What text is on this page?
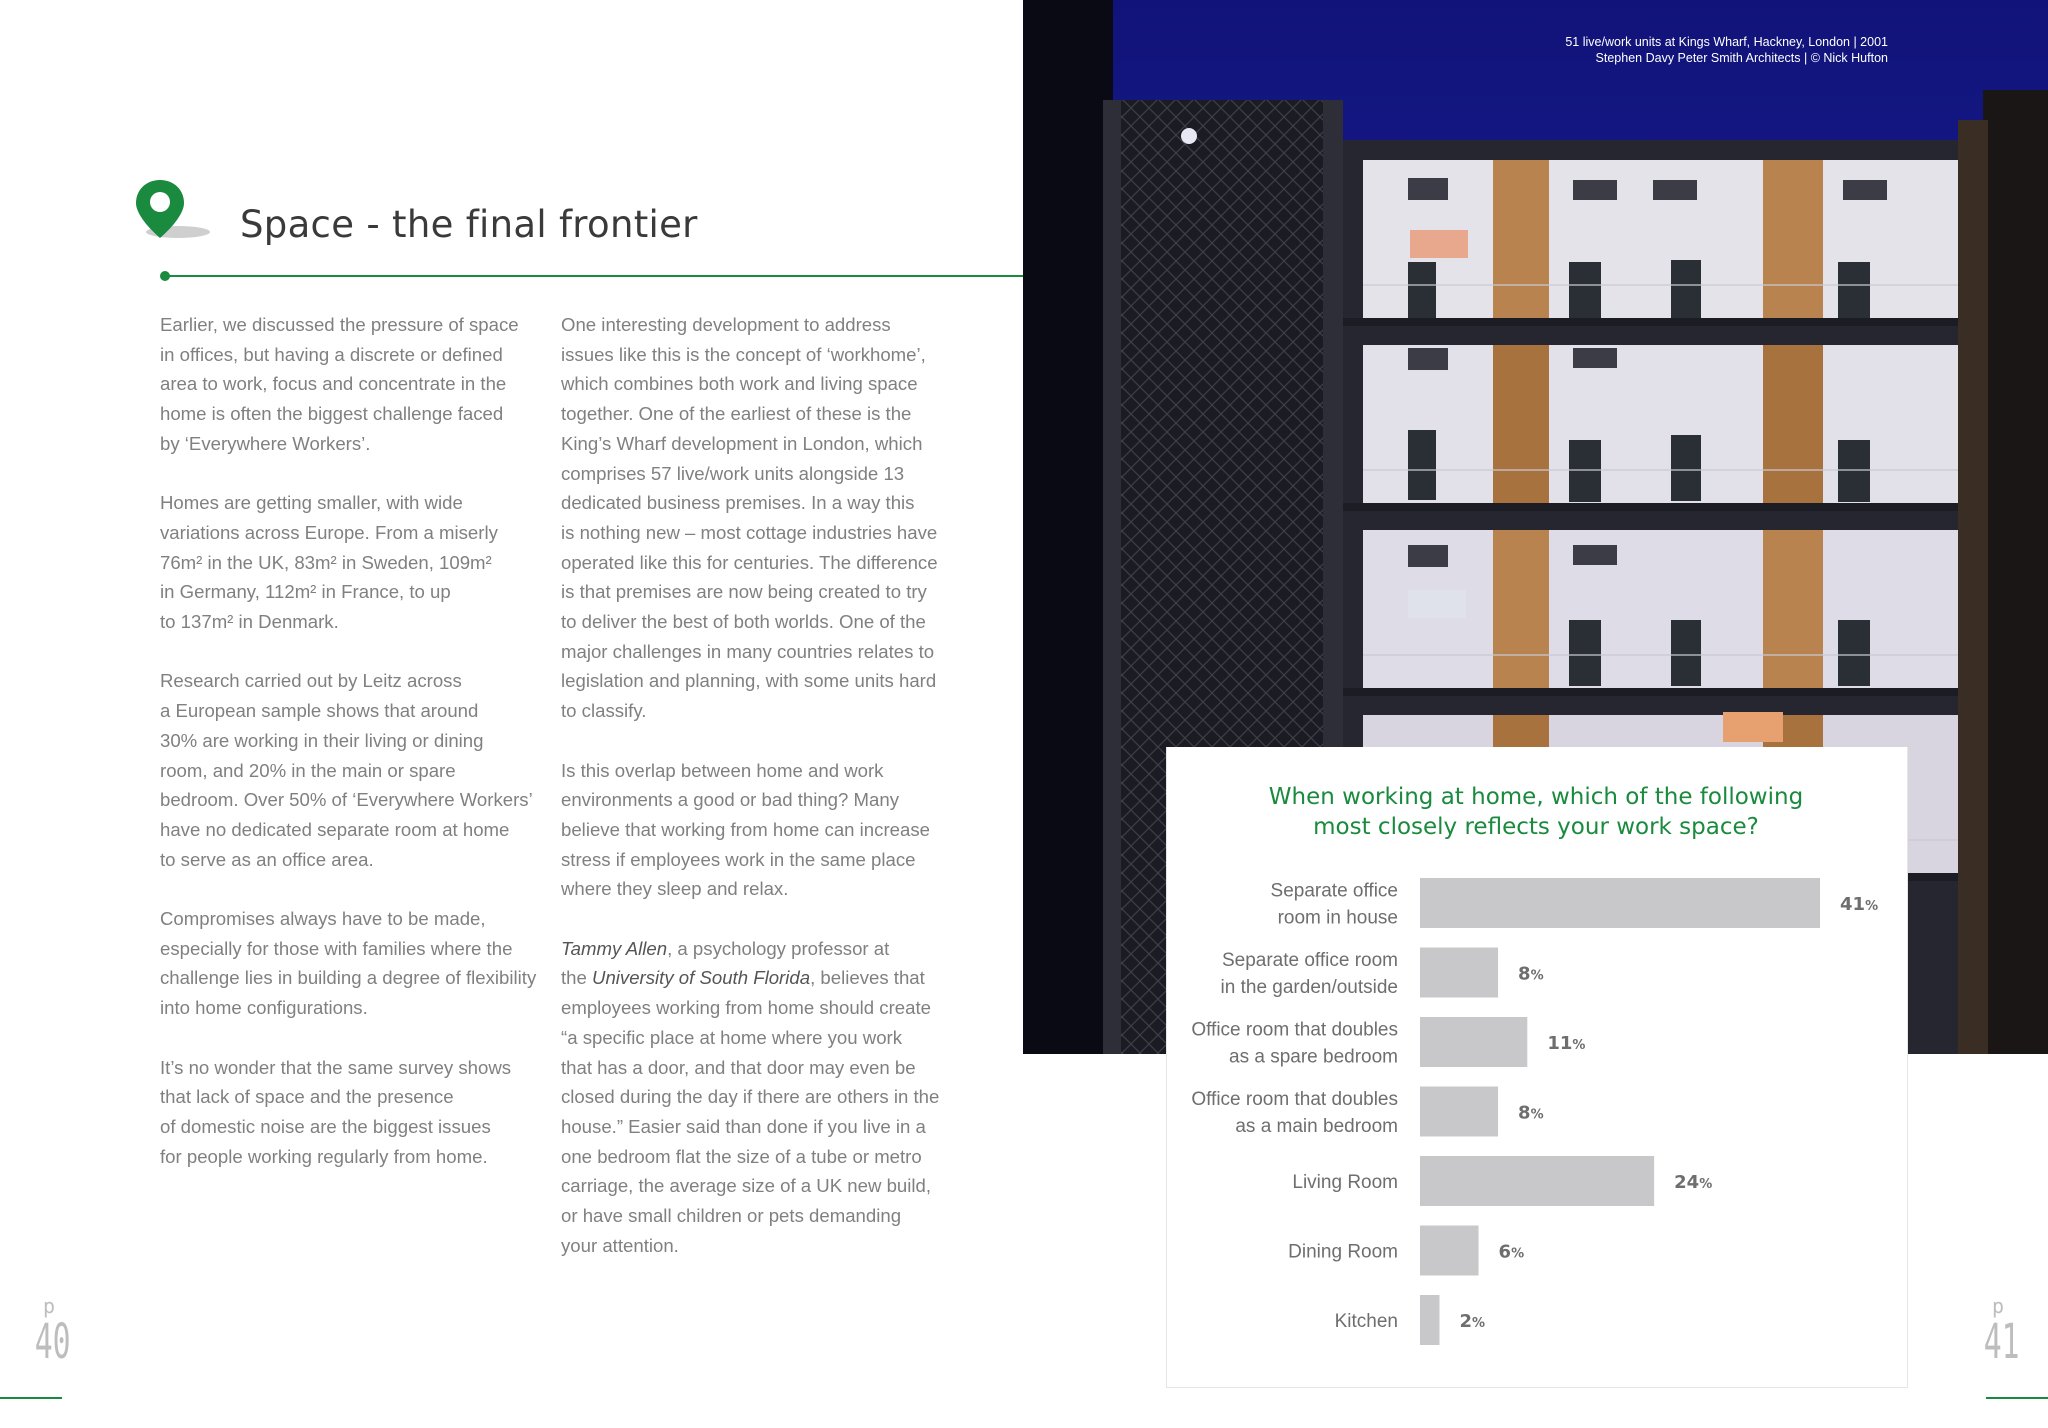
Space - the final frontier

Earlier, we discussed the pressure of space
in offices, but having a discrete or defined
area to work, focus and concentrate in the
home is often the biggest challenge faced
by ‘Everywhere Workers’.

Homes are getting smaller, with wide
variations across Europe. From a miserly
76m² in the UK, 83m² in Sweden, 109m²
in Germany, 112m² in France, to up
to 137m² in Denmark.

Research carried out by Leitz across
a European sample shows that around
30% are working in their living or dining
room, and 20% in the main or spare
bedroom. Over 50% of ‘Everywhere Workers’
have no dedicated separate room at home
to serve as an office area.

Compromises always have to be made,
especially for those with families where the
challenge lies in building a degree of flexibility
into home configurations.

It’s no wonder that the same survey shows
that lack of space and the presence
of domestic noise are the biggest issues
for people working regularly from home.

One interesting development to address
issues like this is the concept of ‘workhome’,
which combines both work and living space
together. One of the earliest of these is the
King’s Wharf development in London, which
comprises 57 live/work units alongside 13
dedicated business premises. In a way this
is nothing new – most cottage industries have
operated like this for centuries. The difference
is that premises are now being created to try
to deliver the best of both worlds. One of the
major challenges in many countries relates to
legislation and planning, with some units hard
to classify.

Is this overlap between home and work
environments a good or bad thing? Many
believe that working from home can increase
stress if employees work in the same place
where they sleep and relax.

Tammy Allen, a psychology professor at
the University of South Florida, believes that
employees working from home should create
“a specific place at home where you work
that has a door, and that door may even be
closed during the day if there are others in the
house.” Easier said than done if you live in a
one bedroom flat the size of a tube or metro
carriage, the average size of a UK new build,
or have small children or pets demanding
your attention.

p
40
p
41
51 live/work units at Kings Wharf, Hackney, London | 2001
Stephen Davy Peter Smith Architects | © Nick Hufton
When working at home, which of the following
most closely reflects your work space?
Separate office room in house
41%
Separate office room in the garden/outside
8%
Office room that doubles as a spare bedroom
11%
Office room that doubles as a main bedroom
8%
Living Room	24%
Dining Room	6%
Kitchen	2%
